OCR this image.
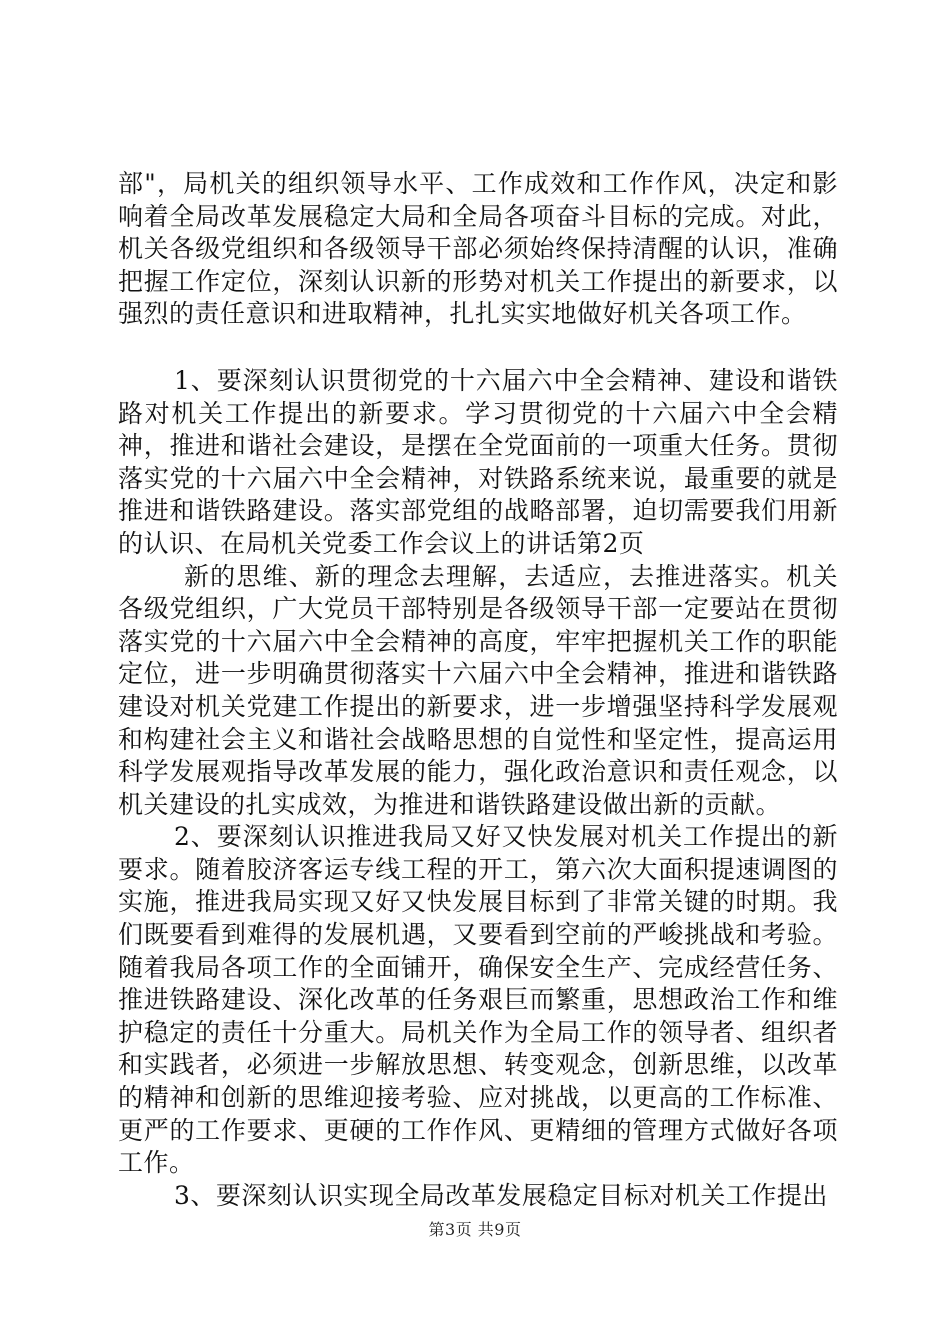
部"，局机关的组织领导水平、工作成效和工作作风，决定和影响着全局改革发展稳定大局和全局各项奋斗目标的完成。对此，机关各级党组织和各级领导干部必须始终保持清醒的认识，准确把握工作定位，深刻认识新的形势对机关工作提出的新要求，以强烈的责任意识和进取精神，扎扎实实地做好机关各项工作。

1、要深刻认识贯彻党的十六届六中全会精神、建设和谐铁路对机关工作提出的新要求。学习贯彻党的十六届六中全会精神，推进和谐社会建设，是摆在全党面前的一项重大任务。贯彻落实党的十六届六中全会精神，对铁路系统来说，最重要的就是推进和谐铁路建设。落实部党组的战略部署，迫切需要我们用新的认识、在局机关党委工作会议上的讲话第2页

新的思维、新的理念去理解，去适应，去推进落实。机关各级党组织，广大党员干部特别是各级领导干部一定要站在贯彻落实党的十六届六中全会精神的高度，牢牢把握机关工作的职能定位，进一步明确贯彻落实十六届六中全会精神，推进和谐铁路建设对机关党建工作提出的新要求，进一步增强坚持科学发展观和构建社会主义和谐社会战略思想的自觉性和坚定性，提高运用科学发展观指导改革发展的能力，强化政治意识和责任观念，以机关建设的扎实成效，为推进和谐铁路建设做出新的贡献。

2、要深刻认识推进我局又好又快发展对机关工作提出的新要求。随着胶济客运专线工程的开工，第六次大面积提速调图的实施，推进我局实现又好又快发展目标到了非常关键的时期。我们既要看到难得的发展机遇，又要看到空前的严峻挑战和考验。随着我局各项工作的全面铺开，确保安全生产、完成经营任务、推进铁路建设、深化改革的任务艰巨而繁重，思想政治工作和维护稳定的责任十分重大。局机关作为全局工作的领导者、组织者和实践者，必须进一步解放思想、转变观念，创新思维，以改革的精神和创新的思维迎接考验、应对挑战，以更高的工作标准、更严的工作要求、更硬的工作作风、更精细的管理方式做好各项工作。

3、要深刻认识实现全局改革发展稳定目标对机关工作提出

第3页 共9页
